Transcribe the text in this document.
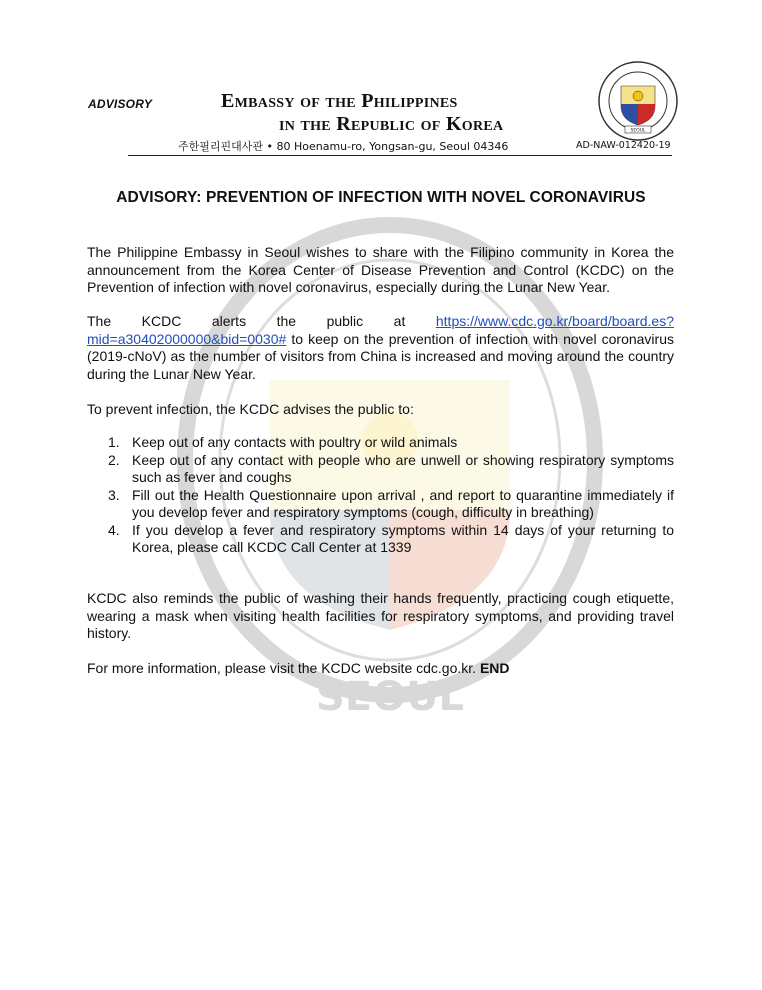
SEOUL
ADVISORY	Embassy of the Philippines
in the Republic of Korea
주한필리핀대사관 • 80 Hoenamu-ro, Yongsan-gu, Seoul 04346	AD-NAW-012420-19
SEOUL
ADVISORY: PREVENTION OF INFECTION WITH NOVEL CORONAVIRUS
The Philippine Embassy in Seoul wishes to share with the Filipino community in Korea the announcement from the Korea Center of Disease Prevention and Control (KCDC) on the Prevention of infection with novel coronavirus, especially during the Lunar New Year.
The KCDC alerts the public at https://www.cdc.go.kr/board/board.es?mid=a30402000000&bid=0030# to keep on the prevention of infection with novel coronavirus (2019-cNoV) as the number of visitors from China is increased and moving around the country during the Lunar New Year.
To prevent infection, the KCDC advises the public to:
1. Keep out of any contacts with poultry or wild animals
2. Keep out of any contact with people who are unwell or showing respiratory symptoms such as fever and coughs
3. Fill out the Health Questionnaire upon arrival , and report to quarantine immediately if you develop fever and respiratory symptoms (cough, difficulty in breathing)
4. If you develop a fever and respiratory symptoms within 14 days of your returning to Korea, please call KCDC Call Center at 1339
KCDC also reminds the public of washing their hands frequently, practicing cough etiquette, wearing a mask when visiting health facilities for respiratory symptoms, and providing travel history.
For more information, please visit the KCDC website cdc.go.kr. END
